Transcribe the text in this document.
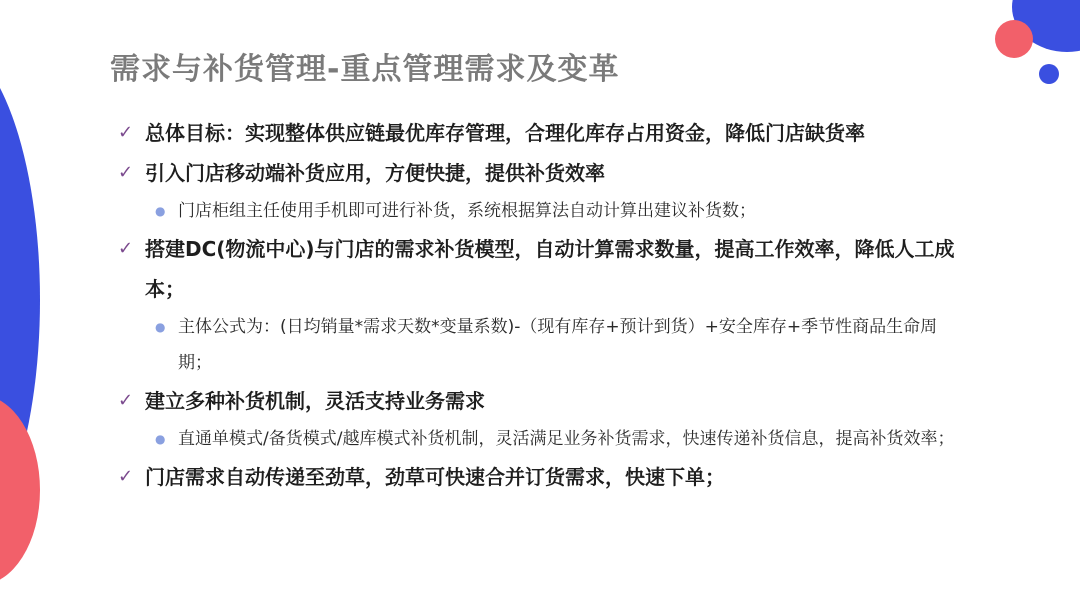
需求与补货管理-重点管理需求及变革
✓ 总体目标：实现整体供应链最优库存管理，合理化库存占用资金，降低门店缺货率
✓ 引入门店移动端补货应用，方便快捷，提供补货效率
● 门店柜组主任使用手机即可进行补货，系统根据算法自动计算出建议补货数；
✓ 搭建DC(物流中心)与门店的需求补货模型，自动计算需求数量，提高工作效率，降低人工成本；
● 主体公式为：(日均销量*需求天数*变量系数)-（现有库存+预计到货）+安全库存+季节性商品生命周期；
✓ 建立多种补货机制，灵活支持业务需求
● 直通单模式/备货模式/越库模式补货机制，灵活满足业务补货需求，快速传递补货信息，提高补货效率；
✓ 门店需求自动传递至劲草，劲草可快速合并订货需求，快速下单；
